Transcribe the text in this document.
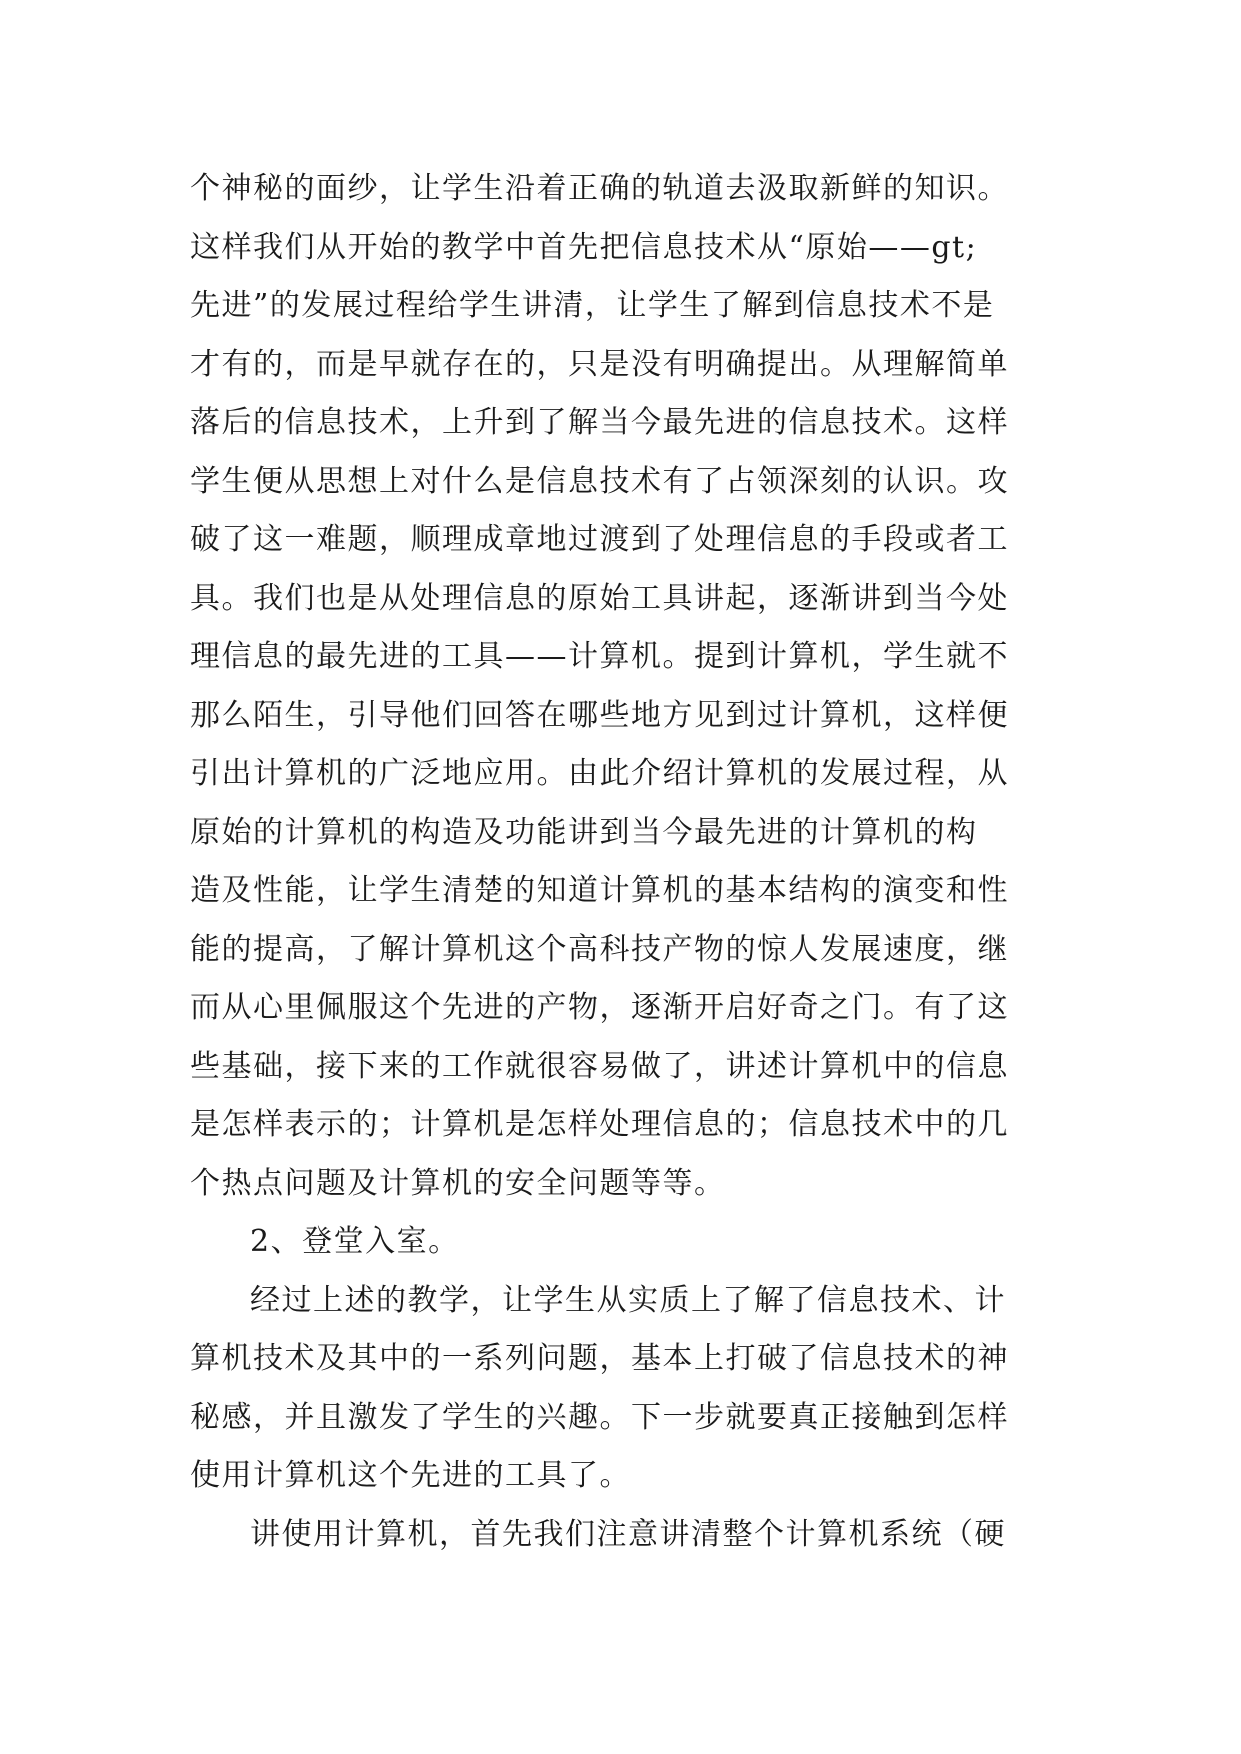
个神秘的面纱，让学生沿着正确的轨道去汲取新鲜的知识。
这样我们从开始的教学中首先把信息技术从“原始——gt;
先进”的发展过程给学生讲清，让学生了解到信息技术不是
才有的，而是早就存在的，只是没有明确提出。从理解简单
落后的信息技术，上升到了解当今最先进的信息技术。这样
学生便从思想上对什么是信息技术有了占领深刻的认识。攻
破了这一难题，顺理成章地过渡到了处理信息的手段或者工
具。我们也是从处理信息的原始工具讲起，逐渐讲到当今处
理信息的最先进的工具——计算机。提到计算机，学生就不
那么陌生，引导他们回答在哪些地方见到过计算机，这样便
引出计算机的广泛地应用。由此介绍计算机的发展过程，从
原始的计算机的构造及功能讲到当今最先进的计算机的构
造及性能，让学生清楚的知道计算机的基本结构的演变和性
能的提高，了解计算机这个高科技产物的惊人发展速度，继
而从心里佩服这个先进的产物，逐渐开启好奇之门。有了这
些基础，接下来的工作就很容易做了，讲述计算机中的信息
是怎样表示的；计算机是怎样处理信息的；信息技术中的几
个热点问题及计算机的安全问题等等。
2、登堂入室。
经过上述的教学，让学生从实质上了解了信息技术、计
算机技术及其中的一系列问题，基本上打破了信息技术的神
秘感，并且激发了学生的兴趣。下一步就要真正接触到怎样
使用计算机这个先进的工具了。
讲使用计算机，首先我们注意讲清整个计算机系统（硬
